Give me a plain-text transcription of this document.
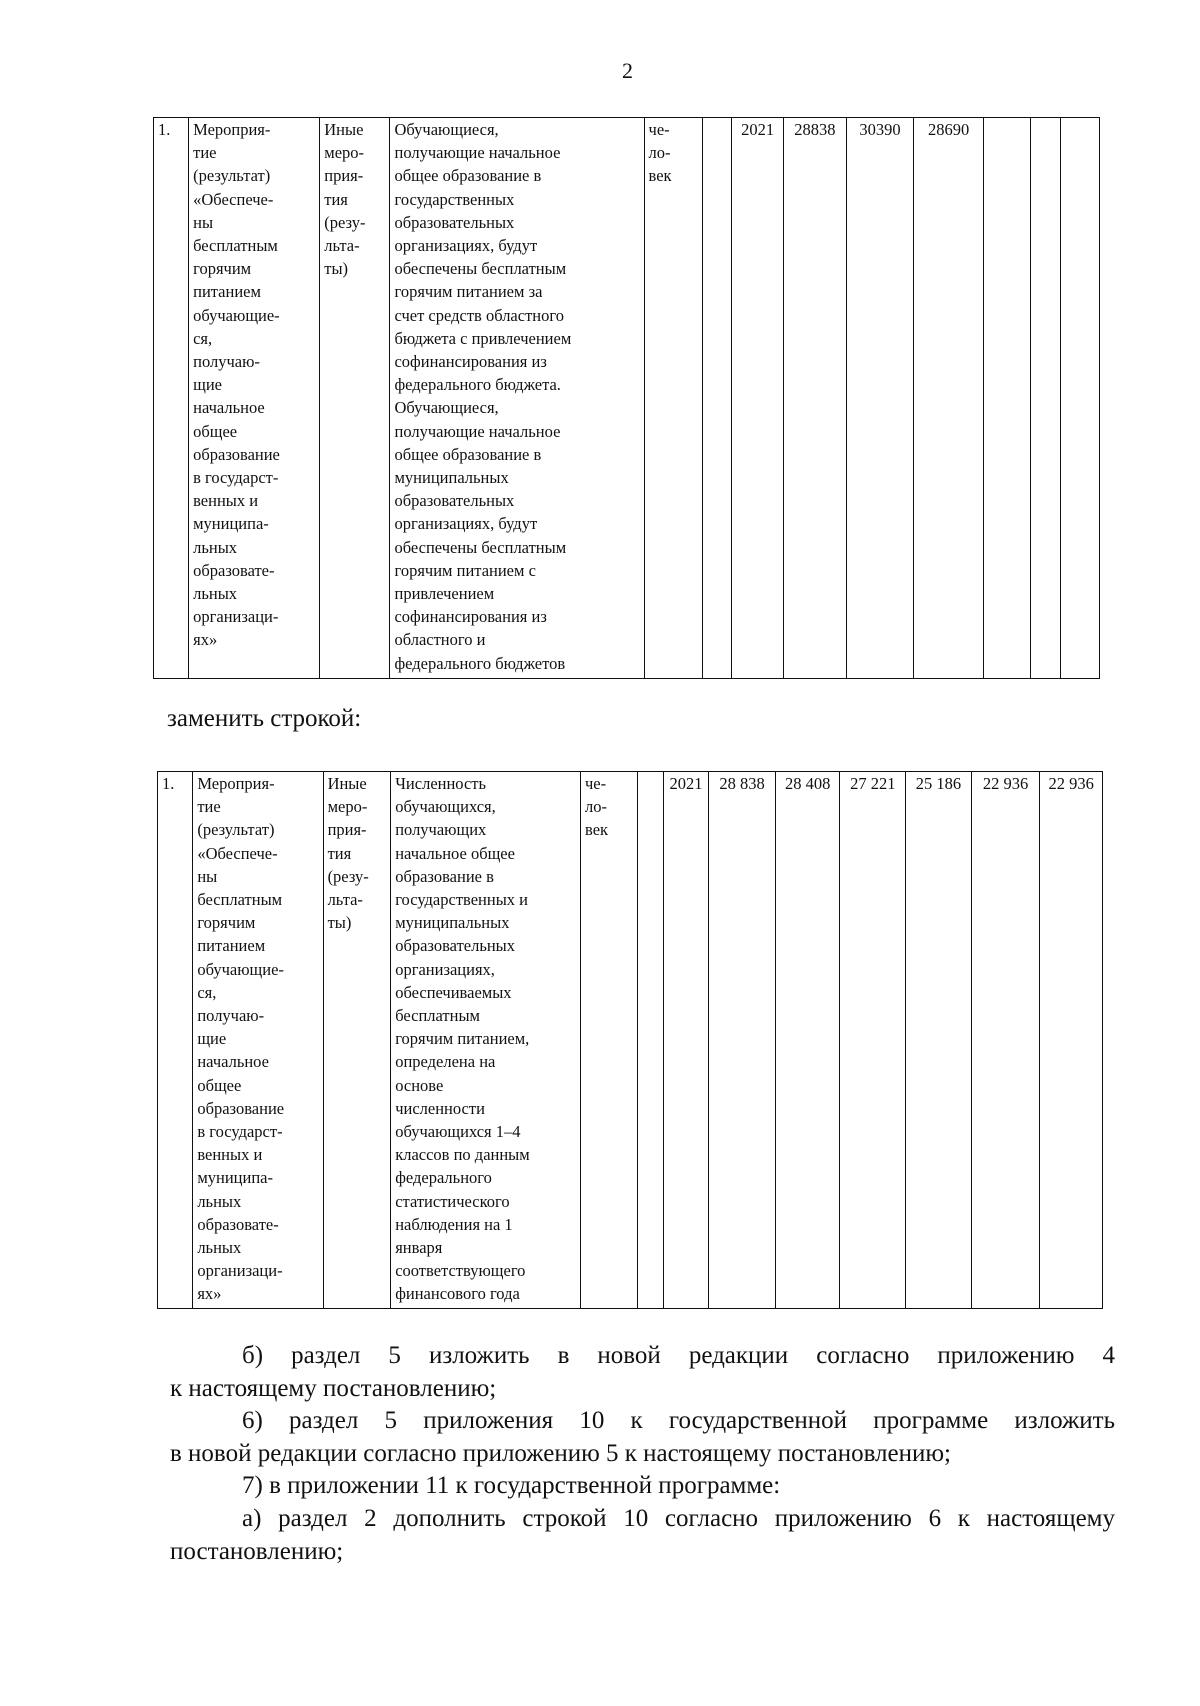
2
1.	Мероприя-
тие
(результат)
«Обеспече-
ны
бесплатным
горячим
питанием
обучающие-
ся,
получаю-
щие
начальное
общее
образование
в государст-
венных и
муниципа-
льных
образовате-
льных
организаци-
ях»	Иные
меро-
прия-
тия
(резу-
льта-
ты)	Обучающиеся,
получающие начальное
общее образование в
государственных
образовательных
организациях, будут
обеспечены бесплатным
горячим питанием за
счет средств областного
бюджета с привлечением
софинансирования из
федерального бюджета.
Обучающиеся,
получающие начальное
общее образование в
муниципальных
образовательных
организациях, будут
обеспечены бесплатным
горячим питанием с
привлечением
софинансирования из
областного и
федерального бюджетов	че-
ло-
век		2021	28838	30390	28690			
заменить строкой:
1.	Мероприя-
тие
(результат)
«Обеспече-
ны
бесплатным
горячим
питанием
обучающие-
ся,
получаю-
щие
начальное
общее
образование
в государст-
венных и
муниципа-
льных
образовате-
льных
организаци-
ях»	Иные
меро-
прия-
тия
(резу-
льта-
ты)	Численность
обучающихся,
получающих
начальное общее
образование в
государственных и
муниципальных
образовательных
организациях,
обеспечиваемых
бесплатным
горячим питанием,
определена на
основе
численности
обучающихся 1–4
классов по данным
федерального
статистического
наблюдения на 1
января
соответствующего
финансового года	че-
ло-
век		2021	28 838	28 408	27 221	25 186	22 936	22 936
б) раздел 5 изложить в новой редакции согласно приложению 4
к настоящему постановлению;
6) раздел 5 приложения 10 к государственной программе изложить
в новой редакции согласно приложению 5 к настоящему постановлению;
7) в приложении 11 к государственной программе:
а) раздел 2 дополнить строкой 10 согласно приложению 6 к настоящему
постановлению;
